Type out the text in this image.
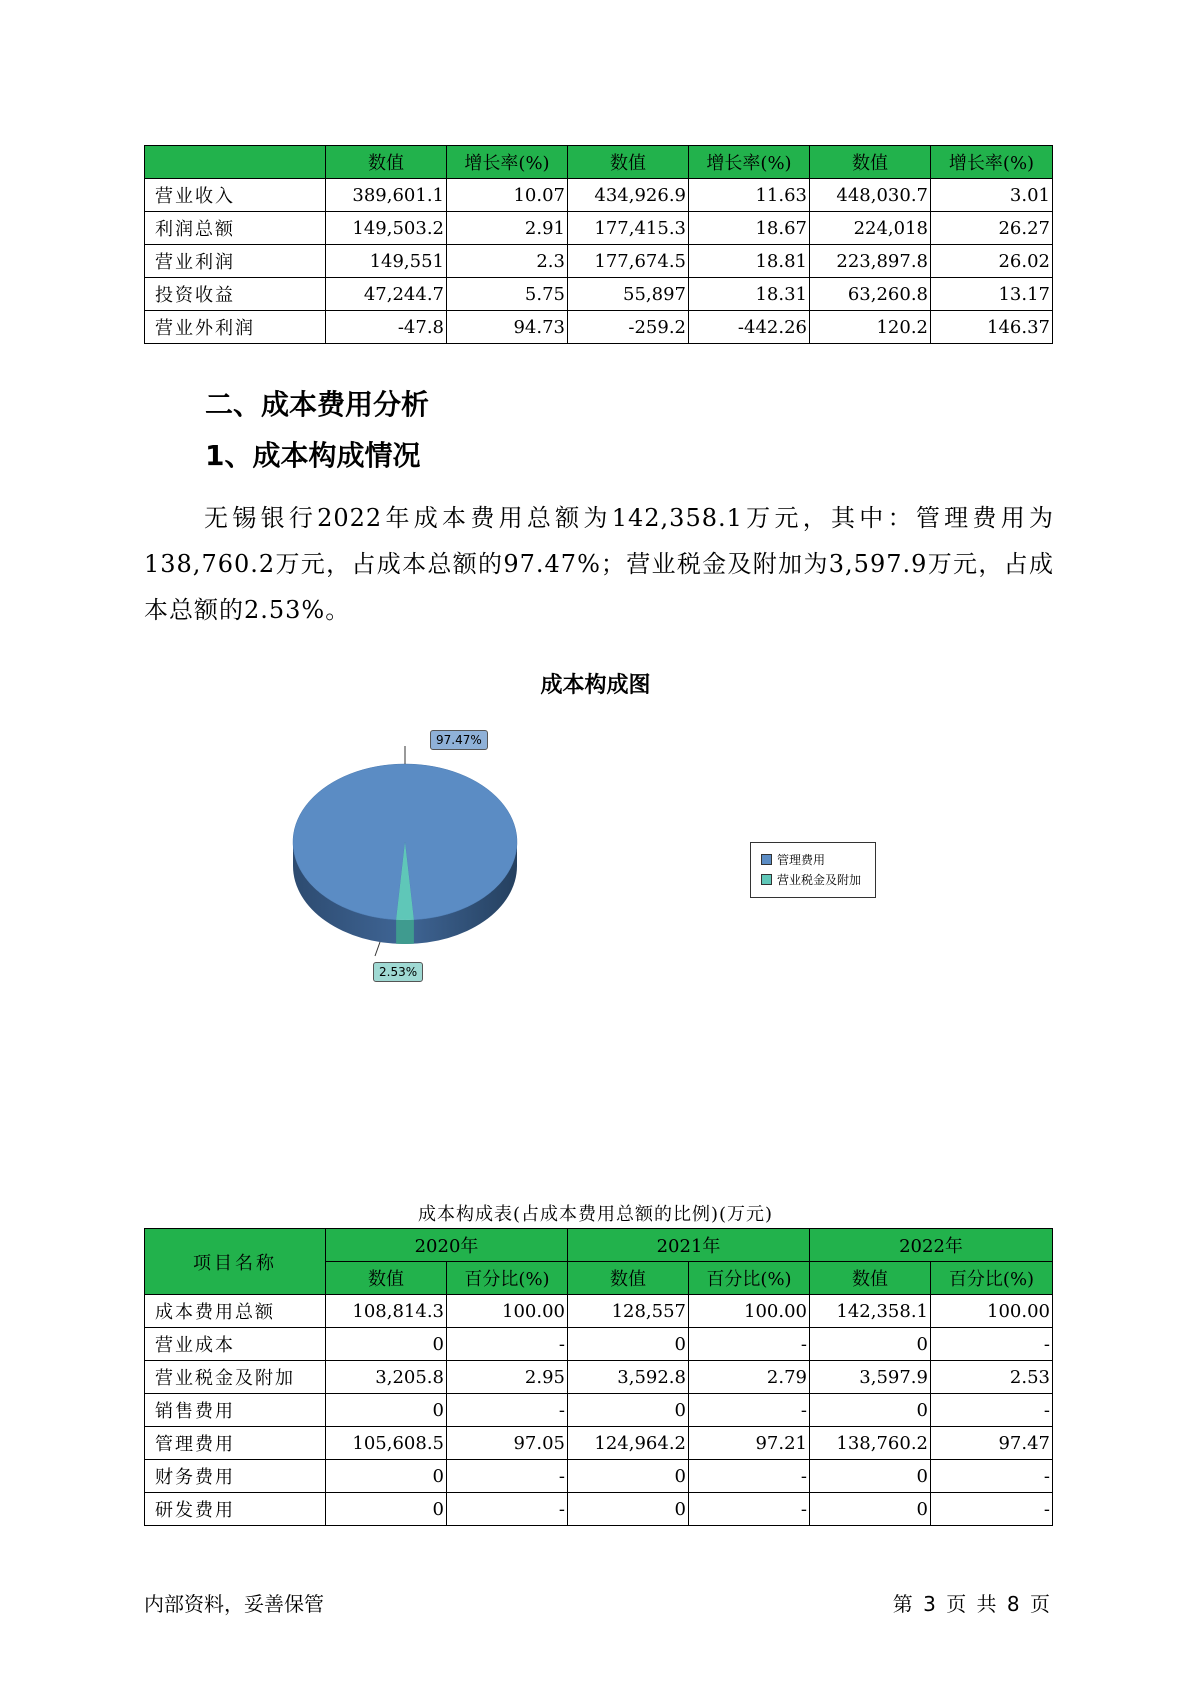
	数值	增长率(%)	数值	增长率(%)	数值	增长率(%)
营业收入	389,601.1	10.07	434,926.9	11.63	448,030.7	3.01
利润总额	149,503.2	2.91	177,415.3	18.67	224,018	26.27
营业利润	149,551	2.3	177,674.5	18.81	223,897.8	26.02
投资收益	47,244.7	5.75	55,897	18.31	63,260.8	13.17
营业外利润	-47.8	94.73	-259.2	-442.26	120.2	146.37
二、成本费用分析
1、成本构成情况
无锡银行2022年成本费用总额为142,358.1万元，其中：管理费用为138,760.2万元，占成本总额的97.47%；营业税金及附加为3,597.9万元，占成本总额的2.53%。
成本构成图
97.47%
2.53%
管理费用
营业税金及附加
成本构成表(占成本费用总额的比例)(万元)
项目名称	2020年		2021年		2022年	
	数值	百分比(%)	数值	百分比(%)	数值	百分比(%)
成本费用总额	108,814.3	100.00	128,557	100.00	142,358.1	100.00
营业成本	0	-	0	-	0	-
营业税金及附加	3,205.8	2.95	3,592.8	2.79	3,597.9	2.53
销售费用	0	-	0	-	0	-
管理费用	105,608.5	97.05	124,964.2	97.21	138,760.2	97.47
财务费用	0	-	0	-	0	-
研发费用	0	-	0	-	0	-
内部资料，妥善保管	第 3 页 共 8 页
